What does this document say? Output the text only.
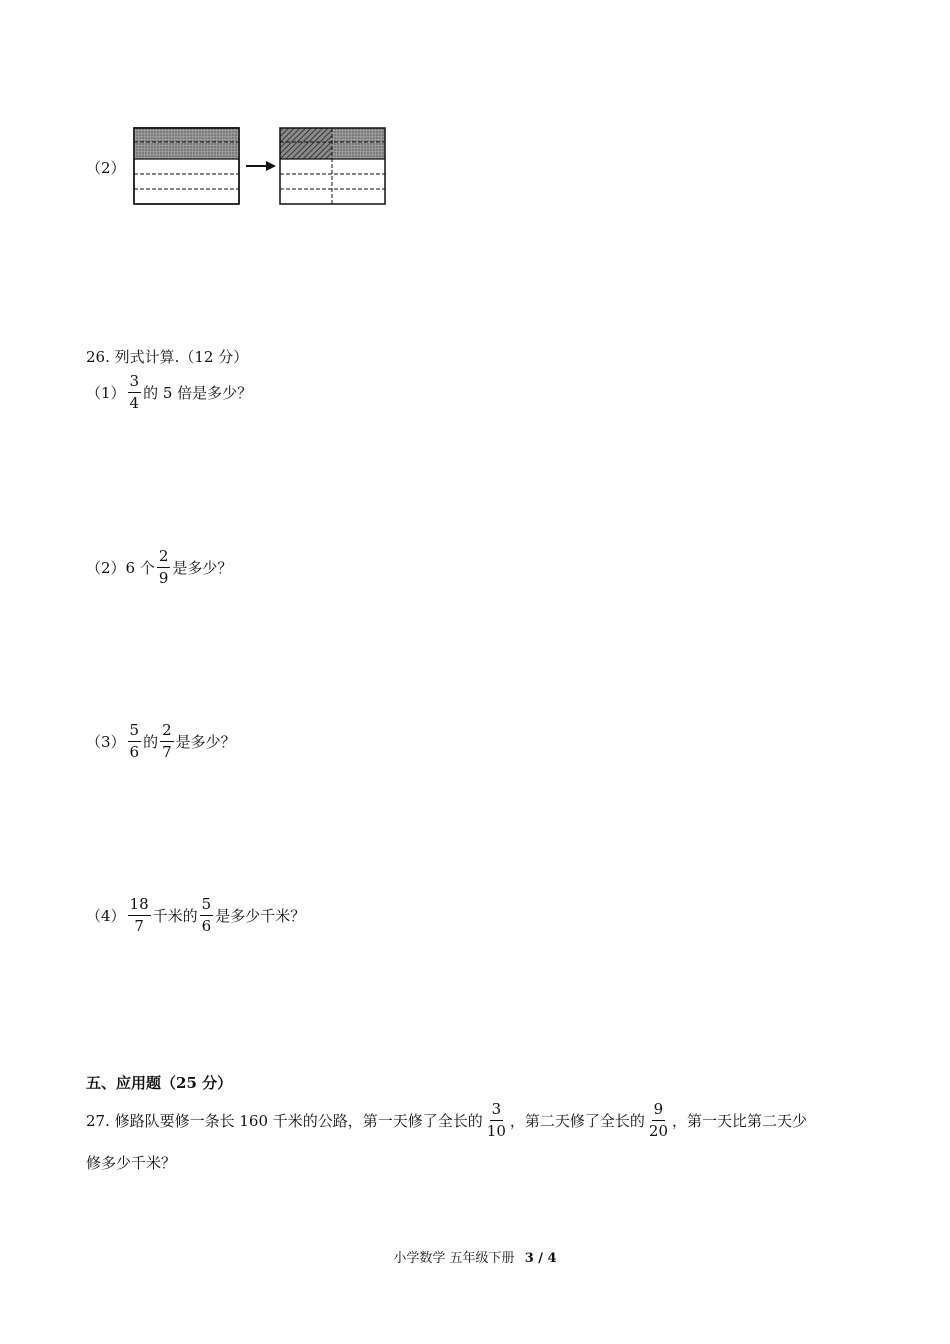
（2）
26. 列式计算.（12 分）
$(1) \frac{3}{4}$ 的 5 倍是多少？
（2）6 个 $\frac{2}{9}$ 是多少？
$(3) \frac{5}{6}$ 的 $\frac{2}{7}$ 是多少？
$(4) \frac{18}{7}$ 千米的 $\frac{5}{6}$ 是多少千米？
五、应用题（25 分）
27. 修路队要修一条长 160 千米的公路，第一天修了全长的 $\frac{3}{10}$ ，第二天修了全长的 $\frac{9}{20}$ ，第一天比第二天少
修多少千米？
小学数学 五年级下册 3 / 4
